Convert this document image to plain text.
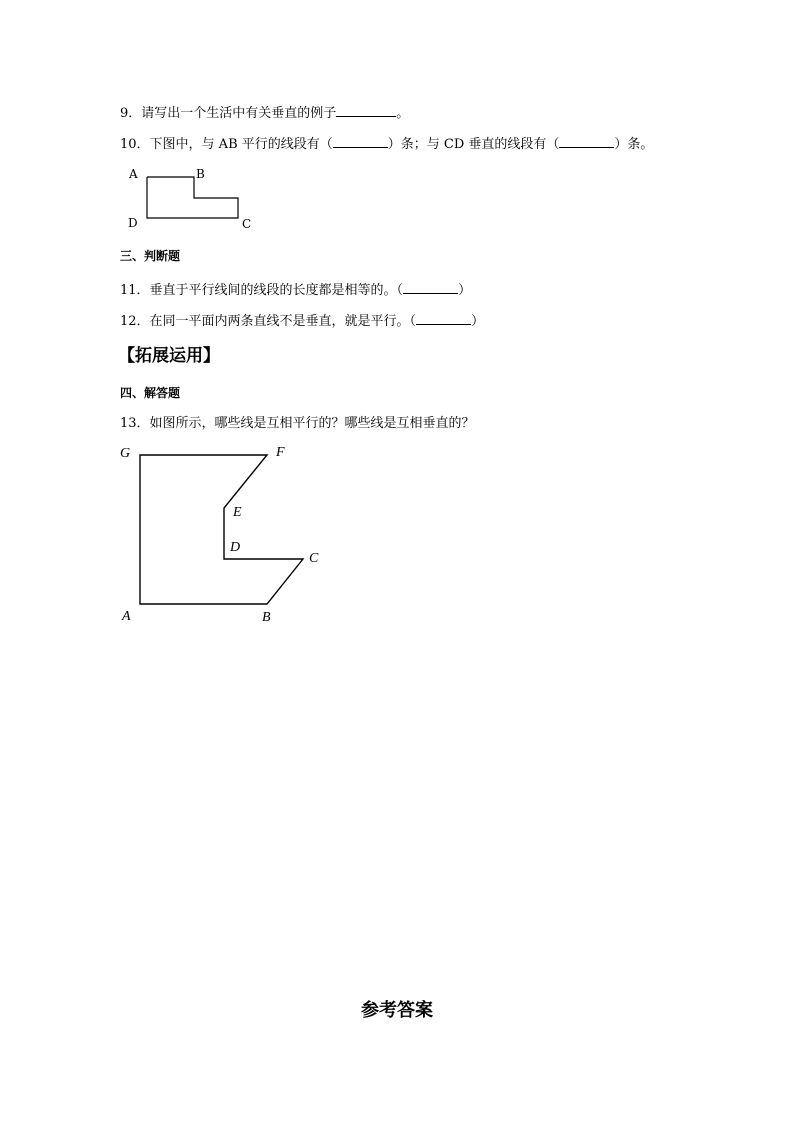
9．请写出一个生活中有关垂直的例子	。
10．下图中，与 AB 平行的线段有（	）条；与 CD 垂直的线段有（	）条。
A	B
C
D
三、判断题
11．垂直于平行线间的线段的长度都是相等的。（	）
12．在同一平面内两条直线不是垂直，就是平行。（	）
【拓展运用】
四、解答题
13．如图所示，哪些线是互相平行的？哪些线是互相垂直的？
G	F
E
D
C
A	B
参考答案
